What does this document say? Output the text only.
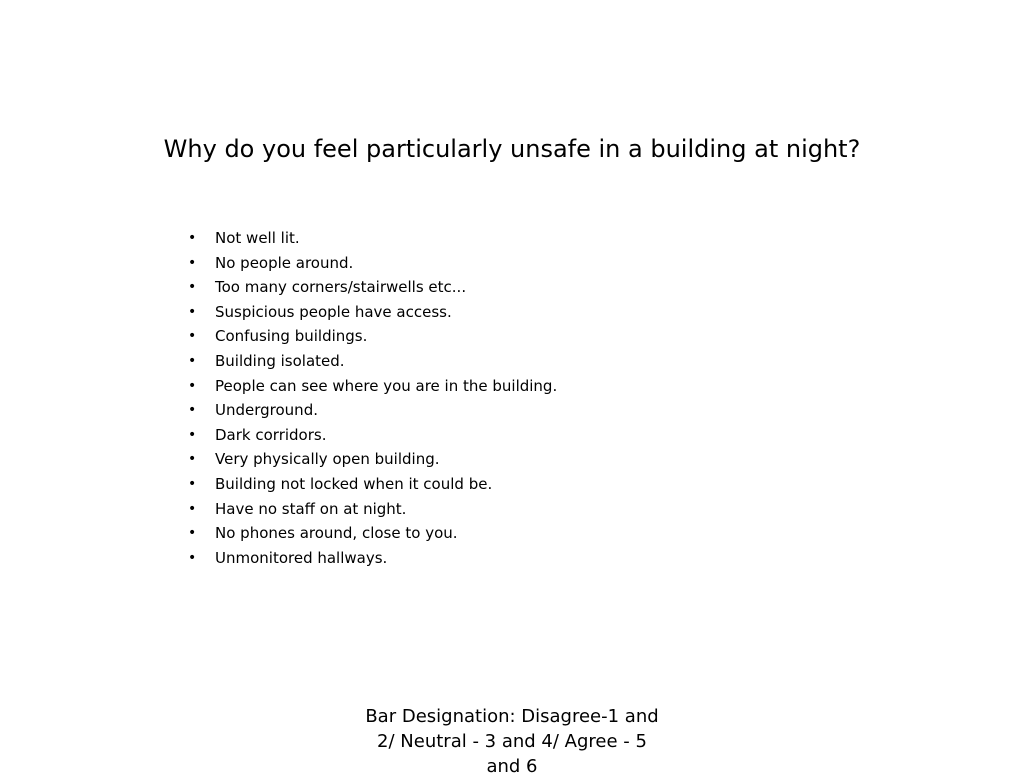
Why do you feel particularly unsafe in a building at night?
• Not well lit.
• No people around.
• Too many corners/stairwells etc...
• Suspicious people have access.
• Confusing buildings.
• Building isolated.
• People can see where you are in the building.
• Underground.
• Dark corridors.
• Very physically open building.
• Building not locked when it could be.
• Have no staff on at night.
• No phones around, close to you.
• Unmonitored hallways.

Bar Designation: Disagree-1 and 2/ Neutral - 3 and 4/ Agree - 5 and 6
